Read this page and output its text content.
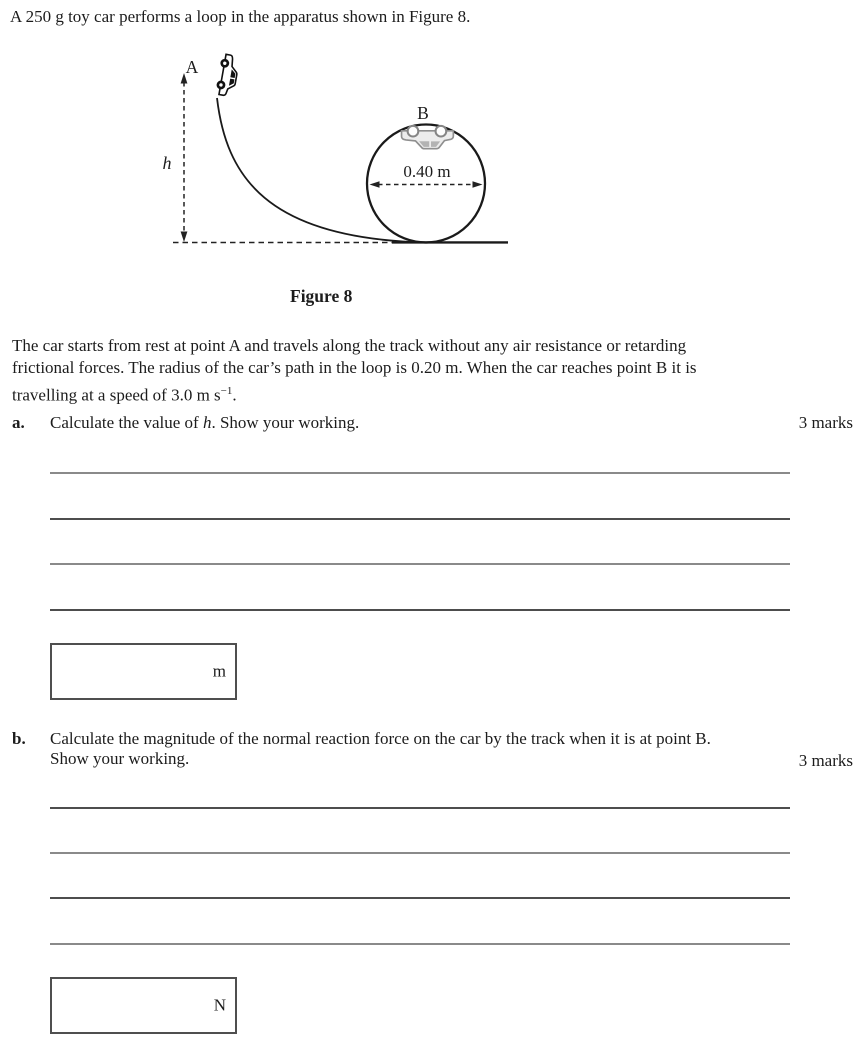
A 250 g toy car performs a loop in the apparatus shown in Figure 8.
A
h
B
0.40 m
Figure 8
The car starts from rest at point A and travels along the track without any air resistance or retarding
frictional forces. The radius of the car’s path in the loop is 0.20 m. When the car reaches point B it is
travelling at a speed of 3.0 m $s^{-1}$.
a. Calculate the value of h. Show your working.	3 marks
m
b. Calculate the magnitude of the normal reaction force on the car by the track when it is at point B.
Show your working.	3 marks
N
